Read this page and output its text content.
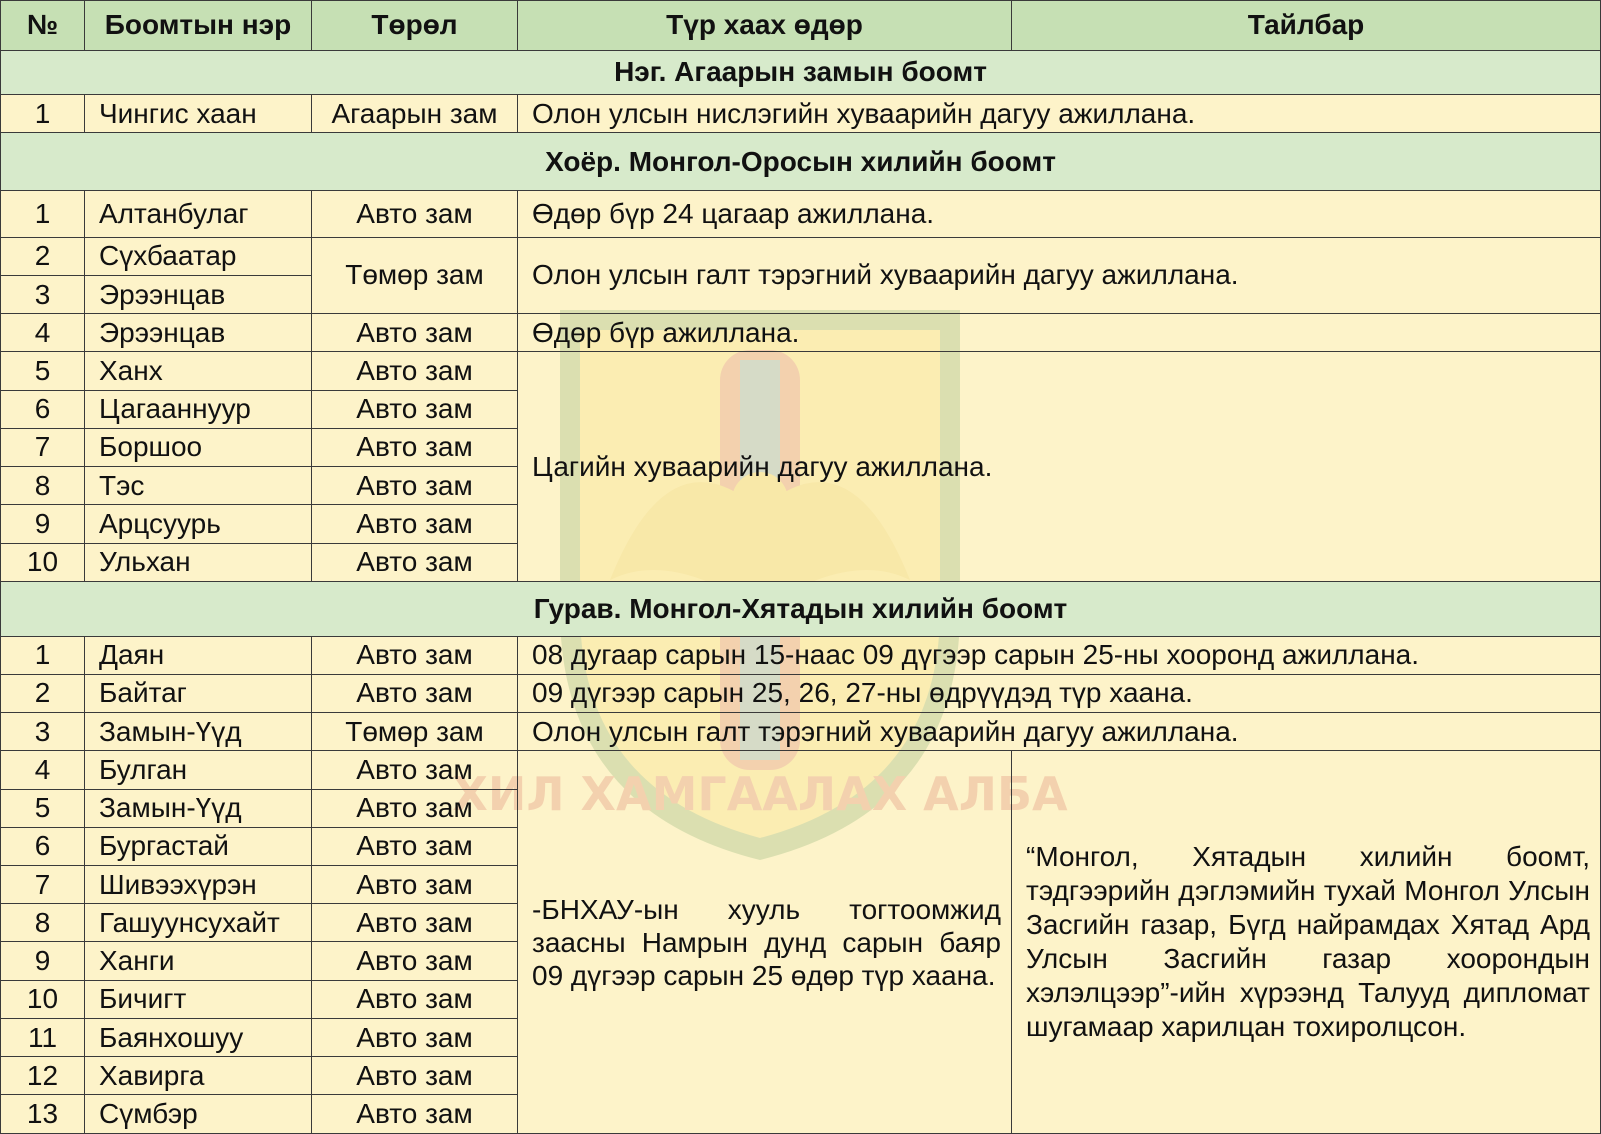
ХИЛ ХАМГААЛАХ АЛБА
№	Боомтын нэр	Төрөл	Түр хаах өдөр	Тайлбар
Нэг. Агаарын замын боомт				
1	Чингис хаан	Агаарын зам	Олон улсын нислэгийн хуваарийн дагуу ажиллана.	
Хоёр. Монгол-Оросын хилийн боомт				
1	Алтанбулаг	Авто зам	Өдөр бүр 24 цагаар ажиллана.	
2	Сүхбаатар	Төмөр зам	Олон улсын галт тэрэгний хуваарийн дагуу ажиллана.	
3	Эрээнцав			
4	Эрээнцав	Авто зам	Өдөр бүр ажиллана.	
5	Ханх	Авто зам	Цагийн хуваарийн дагуу ажиллана.	
6	Цагааннуур	Авто зам		
7	Боршоо	Авто зам		
8	Тэс	Авто зам		
9	Арцсуурь	Авто зам		
10	Ульхан	Авто зам		
Гурав. Монгол-Хятадын хилийн боомт				
1	Даян	Авто зам	08 дугаар сарын 15-наас 09 дүгээр сарын 25-ны хооронд ажиллана.	
2	Байтаг	Авто зам	09 дүгээр сарын 25, 26, 27-ны өдрүүдэд түр хаана.	
3	Замын-Үүд	Төмөр зам	Олон улсын галт тэрэгний хуваарийн дагуу ажиллана.	
4	Булган	Авто зам	-БНХАУ-ын хууль тогтоомжид заасны Намрын дунд сарын баяр 09 дүгээр сарын 25 өдөр түр хаана.	“Монгол, Хятадын хилийн боомт, тэдгээрийн дэглэмийн тухай Монгол Улсын Засгийн газар, Бүгд найрамдах Хятад Ард Улсын Засгийн газар хоорондын хэлэлцээр”-ийн хүрээнд Талууд дипломат шугамаар харилцан тохиролцсон.
5	Замын-Үүд	Авто зам		
6	Бургастай	Авто зам		
7	Шивээхүрэн	Авто зам		
8	Гашуунсухайт	Авто зам		
9	Ханги	Авто зам		
10	Бичигт	Авто зам		
11	Баянхошуу	Авто зам		
12	Хавирга	Авто зам		
13	Сүмбэр	Авто зам		
